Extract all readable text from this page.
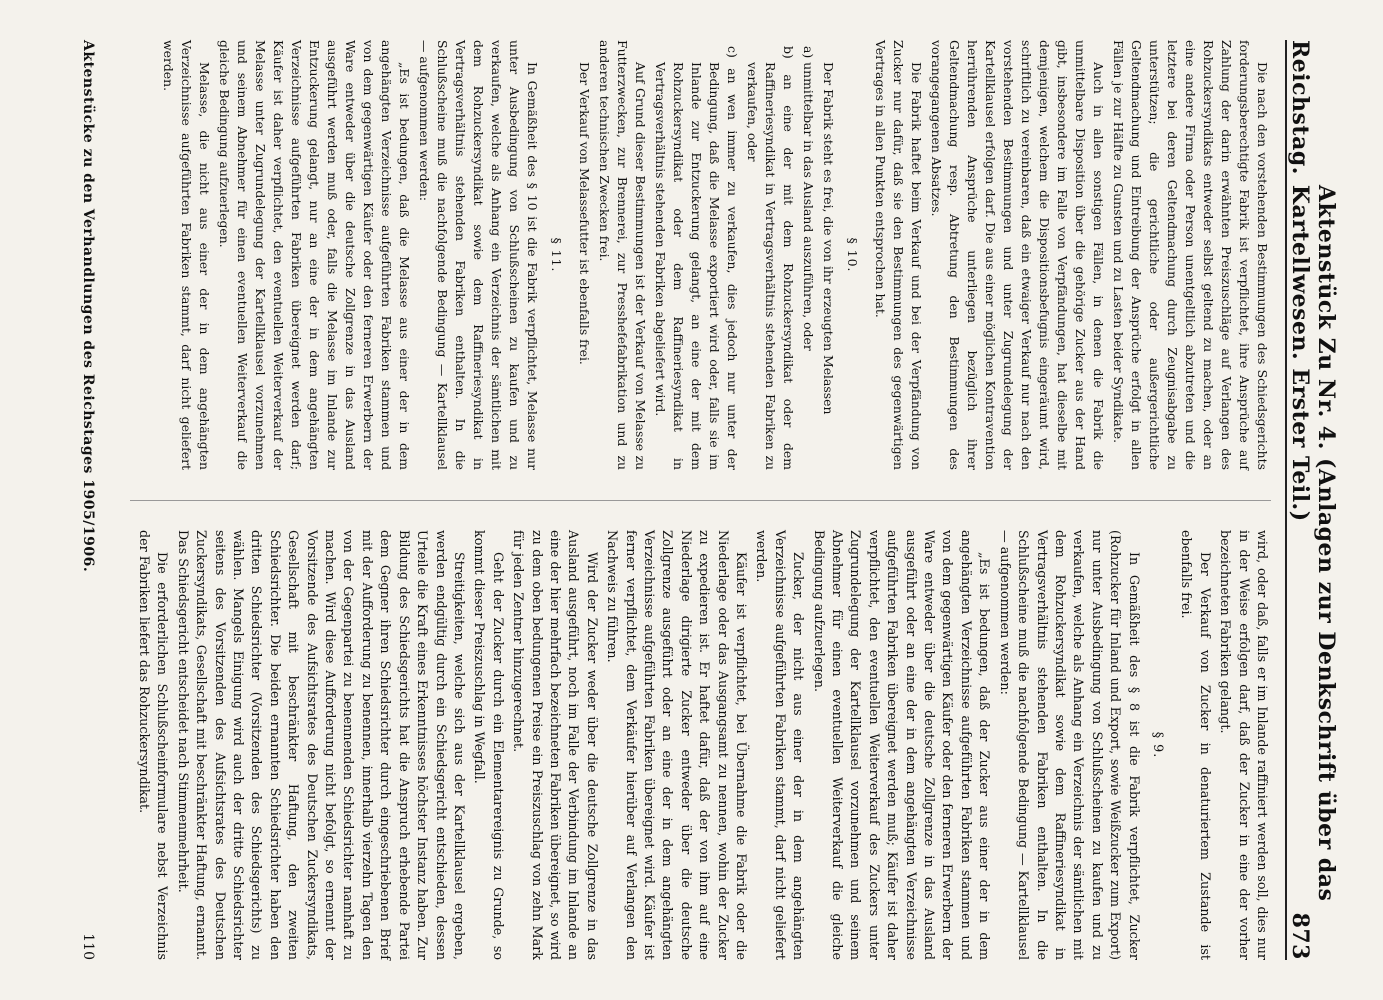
Reichstag.
Aktenstück Zu Nr. 4. (Anlagen zur Denkschrift über das Kartellwesen. Erster Teil.)
873

Die nach den vorstehenden Bestimmungen des Schiedsgerichts forderungsberechtigte Fabrik ist verpflichtet, ihre Ansprüche auf Zahlung der darin erwähnten Preiszuschläge auf Verlangen des Rohzuckersyndikats entweder selbst geltend zu machen, oder an eine andere Firma oder Person unentgeltlich abzutreten und die letztere bei deren Geltendmachung durch Zeugnisabgabe zu unterstützen; die gerichtliche oder außergerichtliche Geltendmachung und Eintreibung der Ansprüche erfolgt in allen Fällen je zur Hälfte zu Gunsten und zu Lasten beider Syndikate.

Auch in allen sonstigen Fällen, in denen die Fabrik die unmittelbare Disposition über die gehörige Zucker aus der Hand gibt, insbesondere im Falle von Verpfändungen, hat dieselbe mit demjenigen, welchem die Dispositionsbefugnis eingeräumt wird, schriftlich zu vereinbaren, daß ein etwaiger Verkauf nur nach den vorstehenden Bestimmungen und unter Zugrundelegung der Kartellklausel erfolgen darf. Die aus einer möglichen Kontravention herrührenden Ansprüche unterliegen bezüglich ihrer Geltendmachung resp. Abtretung den Bestimmungen des vorangegangenen Absatzes.

Die Fabrik haftet beim Verkauf und bei der Verpfändung von Zucker nur dafür, daß sie den Bestimmungen des gegenwärtigen Vertrages in allen Punkten entsprochen hat.

§ 10.

Der Fabrik steht es frei, die von ihr erzeugten Melassen

a) unmittelbar in das Ausland auszuführen, oder

b) an eine der mit dem Rohzuckersyndikat oder dem Raffineriesyndikat in Vertragsverhältnis stehenden Fabriken zu verkaufen, oder

c) an wen immer zu verkaufen, dies jedoch nur unter der Bedingung, daß die Melasse exportiert wird oder, falls sie im Inlande zur Entzuckerung gelangt, an eine der mit dem Rohzuckersyndikat oder dem Raffineriesyndikat in Vertragsverhältnis stehenden Fabriken abgeliefert wird.

Auf Grund dieser Bestimmungen ist der Verkauf von Melasse zu Futterzwecken, zur Brennerei, zur Presshefefabrikation und zu anderen technischen Zwecken frei.

Der Verkauf von Melassefutter ist ebenfalls frei.

§ 11.

In Gemäßheit des § 10 ist die Fabrik verpflichtet, Melasse nur unter Ausbedingung von Schlußscheinen zu kaufen und zu verkaufen, welche als Anhang ein Verzeichnis der sämtlichen mit dem Rohzuckersyndikat sowie dem Raffineriesyndikat in Vertragsverhältnis stehenden Fabriken enthalten. In die Schlußscheine muß die nachfolgende Bedingung — Kartellklausel — aufgenommen werden:

„Es ist bedungen, daß die Melasse aus einer der in dem angehängten Verzeichnisse aufgeführten Fabriken stammen und von dem gegenwärtigen Käufer oder den ferneren Erwerbern der Ware entweder über die deutsche Zollgrenze in das Ausland ausgeführt werden muß oder, falls die Melasse im Inlande zur Entzuckerung gelangt, nur an eine der in dem angehängten Verzeichnisse aufgeführten Fabriken übereignet werden darf; Käufer ist daher verpflichtet, den eventuellen Weiterverkauf der Melasse unter Zugrundelegung der Kartellklausel vorzunehmen und seinem Abnehmer für einen eventuellen Weiterverkauf die gleiche Bedingung aufzuerlegen.

Melasse, die nicht aus einer der in dem angehängten Verzeichnisse aufgeführten Fabriken stammt, darf nicht geliefert werden.

wird, oder daß, falls er im Inlande raffiniert werden soll, dies nur in der Weise erfolgen darf, daß der Zucker in eine der vorher bezeichneten Fabriken gelangt.

Der Verkauf von Zucker in denaturiertem Zustande ist ebenfalls frei.

§ 9.

In Gemäßheit des § 8 ist die Fabrik verpflichtet, Zucker (Rohzucker für Inland und Export, sowie Weißzucker zum Export) nur unter Ausbedingung von Schlußscheinen zu kaufen und zu verkaufen, welche als Anhang ein Verzeichnis der sämtlichen mit dem Rohzuckersyndikat sowie dem Raffineriesyndikat in Vertragsverhältnis stehenden Fabriken enthalten. In die Schlußscheine muß die nachfolgende Bedingung — Kartellklausel — aufgenommen werden:

„Es ist bedungen, daß der Zucker aus einer der in dem angehängten Verzeichnisse aufgeführten Fabriken stammen und von dem gegenwärtigen Käufer oder den ferneren Erwerbern der Ware entweder über die deutsche Zollgrenze in das Ausland ausgeführt oder an eine der in dem angehängten Verzeichnisse aufgeführten Fabriken übereignet werden muß; Käufer ist daher verpflichtet, den eventuellen Weiterverkauf des Zuckers unter Zugrundelegung der Kartellklausel vorzunehmen und seinem Abnehmer für einen eventuellen Weiterverkauf die gleiche Bedingung aufzuerlegen.

Zucker, der nicht aus einer der in dem angehängten Verzeichnisse aufgeführten Fabriken stammt, darf nicht geliefert werden.

Käufer ist verpflichtet, bei Übernahme die Fabrik oder die Niederlage oder das Ausgangsamt zu nennen, wohin der Zucker zu expedieren ist. Er haftet dafür, daß der von ihm auf eine Niederlage dirigierte Zucker entweder über die deutsche Zollgrenze ausgeführt oder an eine der in dem angehängten Verzeichnisse aufgeführten Fabriken übereignet wird. Käufer ist ferner verpflichtet, dem Verkäufer hierüber auf Verlangen den Nachweis zu führen.

Wird der Zucker weder über die deutsche Zollgrenze in das Ausland ausgeführt, noch im Falle der Verbindung im Inlande an eine der hier mehrfach bezeichneten Fabriken übereignet, so wird zu dem oben bedungenen Preise ein Preiszuschlag von zehn Mark für jeden Zentner hinzugerechnet.

Geht der Zucker durch ein Elementarereignis zu Grunde, so kommt dieser Preiszuschlag in Wegfall.

Streitigkeiten, welche sich aus der Kartellklausel ergeben, werden endgültig durch ein Schiedsgericht entschieden, dessen Urteile die Kraft eines Erkenntnisses höchster Instanz haben. Zur Bildung des Schiedsgerichts hat die Anspruch erhebende Partei dem Gegner ihren Schiedsrichter durch eingeschriebenen Brief mit der Aufforderung zu benennen, innerhalb vierzehn Tagen den von der Gegenpartei zu benennenden Schiedsrichter namhaft zu machen. Wird diese Aufforderung nicht befolgt, so ernennt der Vorsitzende des Aufsichtsrates des Deutschen Zuckersyndikats, Gesellschaft mit beschränkter Haftung, den zweiten Schiedsrichter. Die beiden ernannten Schiedsrichter haben den dritten Schiedsrichter (Vorsitzenden des Schiedsgerichts) zu wählen. Mangels Einigung wird auch der dritte Schiedsrichter seitens des Vorsitzenden des Aufsichtsrates des Deutschen Zuckersyndikats, Gesellschaft mit beschränkter Haftung, ernannt. Das Schiedsgericht entscheidet nach Stimmenmehrheit.

Die erforderlichen Schlußscheinformulare nebst Verzeichnis der Fabriken liefert das Rohzuckersyndikat.

Aktenstücke zu den Verhandlungen des Reichstages 1905/1906.
110
